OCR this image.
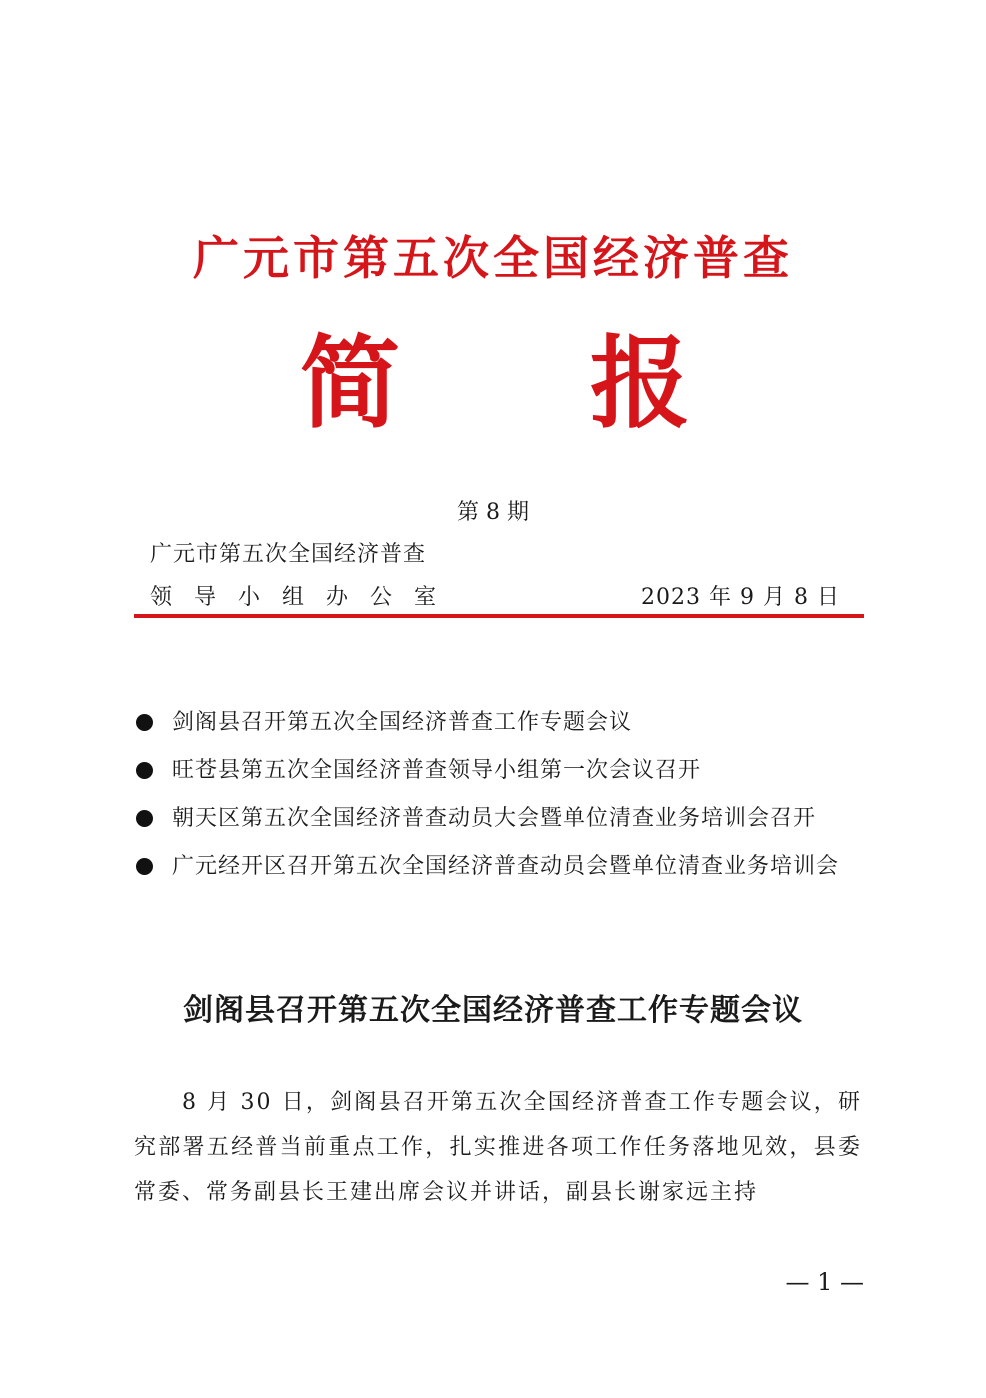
广元市第五次全国经济普查
简 报
第 8 期
广元市第五次全国经济普查
领导小组办公室	2023 年 9 月 8 日
剑阁县召开第五次全国经济普查工作专题会议
旺苍县第五次全国经济普查领导小组第一次会议召开
朝天区第五次全国经济普查动员大会暨单位清查业务培训会召开
广元经开区召开第五次全国经济普查动员会暨单位清查业务培训会
剑阁县召开第五次全国经济普查工作专题会议
8 月 30 日，剑阁县召开第五次全国经济普查工作专题会议，研究部署五经普当前重点工作，扎实推进各项工作任务落地见效，县委常委、常务副县长王建出席会议并讲话，副县长谢家远主持
— 1 —
